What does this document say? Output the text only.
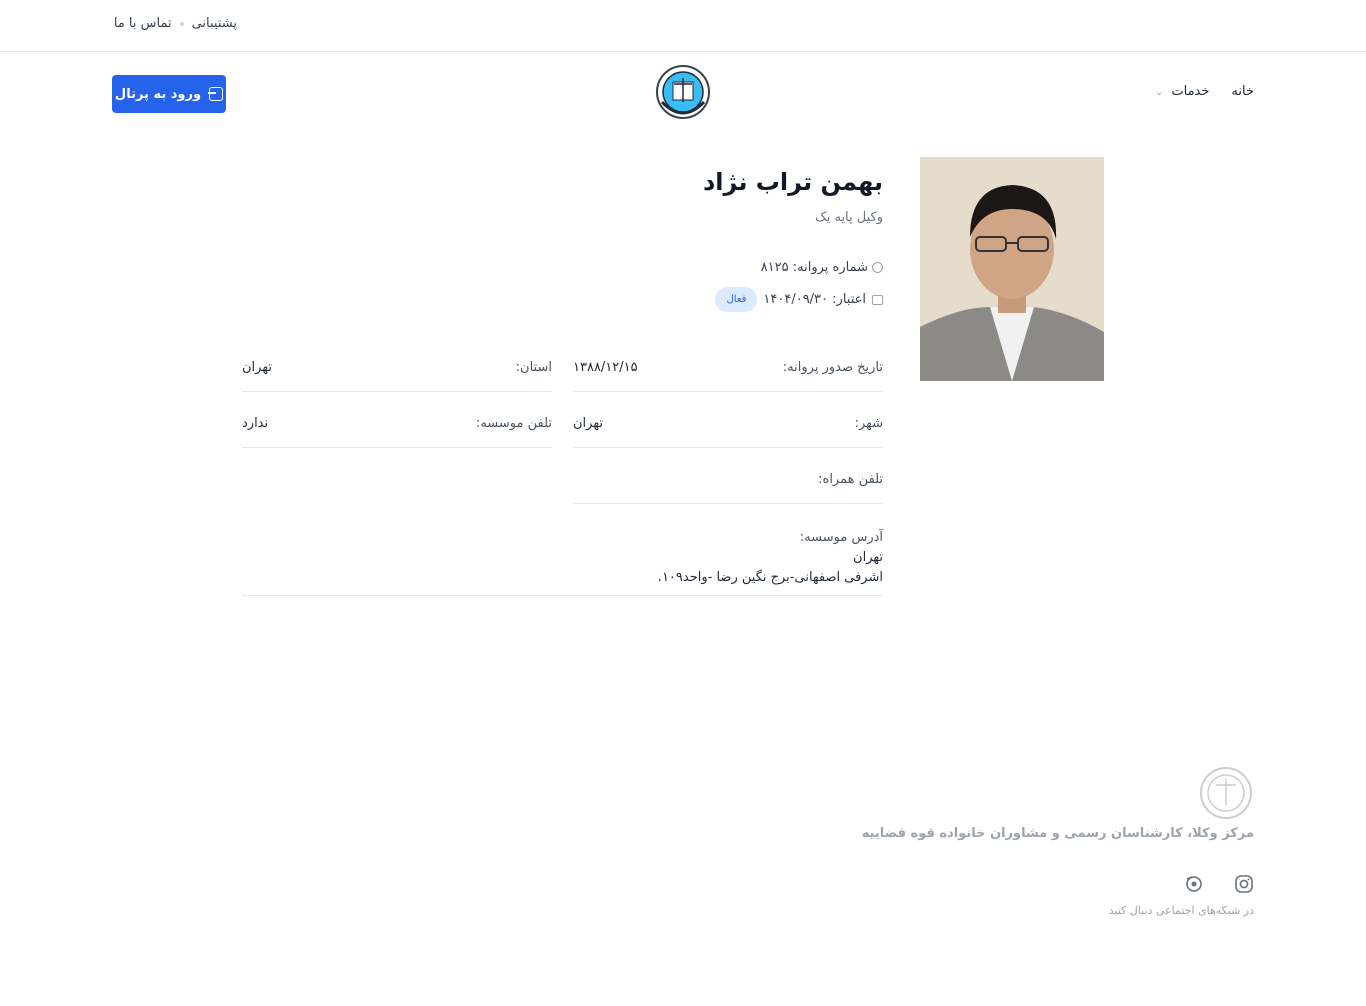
پشتیبانی
تماس با ما
خانه
خدمات ⌄
ورود به پرتال
بهمن تراب نژاد
وکیل پایه یک
شماره پروانه: ۸۱۲۵
اعتبار: ۱۴۰۴/۰۹/۳۰
فعال
تاریخ صدور پروانه:
۱۳۸۸/۱۲/۱۵
استان:
تهران
شهر:
تهران
تلفن موسسه:
ندارد
تلفن همراه:
آدرس موسسه:
تهران
اشرفی اصفهانی-برج نگین رضا -واحد۱۰۹.
مرکز وکلا، کارشناسان رسمی و مشاوران خانواده قوه قضاییه
در شبکه‌های اجتماعی دنبال کنید
